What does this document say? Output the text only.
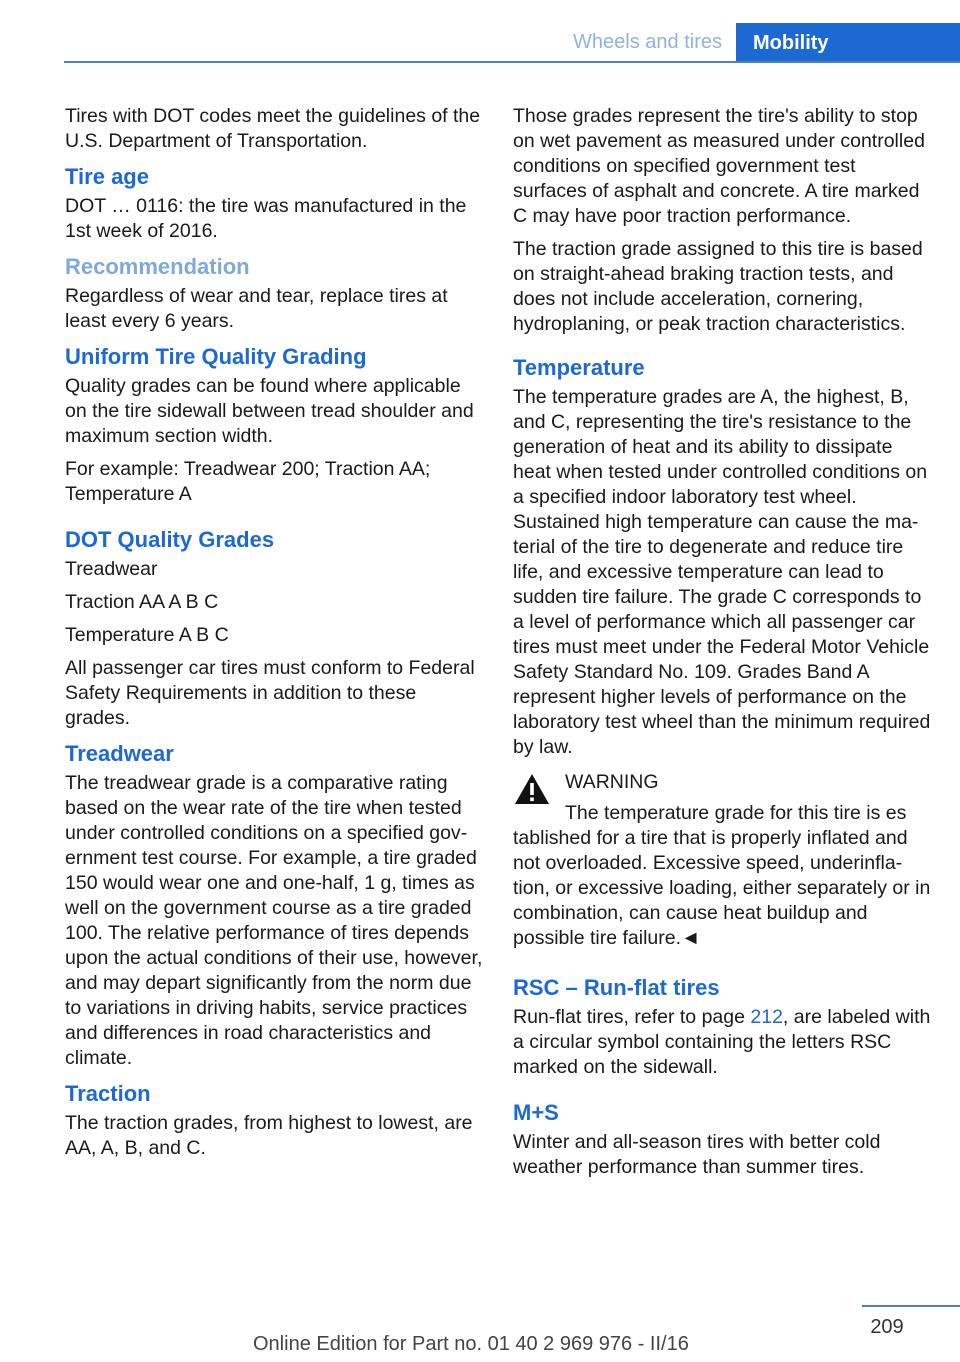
Wheels and tires	Mobility

Tires with DOT codes meet the guidelines of the U.S. Department of Transportation.

Tire age

DOT … 0116: the tire was manufactured in the 1st week of 2016.

Recommendation

Regardless of wear and tear, replace tires at least every 6 years.

Uniform Tire Quality Grading

Quality grades can be found where applicable on the tire sidewall between tread shoulder and maximum section width.

For example: Treadwear 200; Traction AA; Temperature A

DOT Quality Grades

Treadwear

Traction AA A B C

Temperature A B C

All passenger car tires must conform to Federal Safety Requirements in addition to these grades.

Treadwear

The treadwear grade is a comparative rating based on the wear rate of the tire when tested under controlled conditions on a specified government test course. For example, a tire graded 150 would wear one and one-half, 1 g, times as well on the government course as a tire graded 100. The relative performance of tires depends upon the actual conditions of their use, however, and may depart significantly from the norm due to variations in driving habits, service practices and differences in road characteristics and climate.

Traction

The traction grades, from highest to lowest, are AA, A, B, and C.

Those grades represent the tire's ability to stop on wet pavement as measured under controlled conditions on specified government test surfaces of asphalt and concrete. A tire marked C may have poor traction performance.

The traction grade assigned to this tire is based on straight-ahead braking traction tests, and does not include acceleration, cornering, hydroplaning, or peak traction characteristics.

Temperature

The temperature grades are A, the highest, B, and C, representing the tire's resistance to the generation of heat and its ability to dissipate heat when tested under controlled conditions on a specified indoor laboratory test wheel. Sustained high temperature can cause the material of the tire to degenerate and reduce tire life, and excessive temperature can lead to sudden tire failure. The grade C corresponds to a level of performance which all passenger car tires must meet under the Federal Motor Vehicle Safety Standard No. 109. Grades Band A represent higher levels of performance on the laboratory test wheel than the minimum required by law.

WARNING

The temperature grade for this tire is es

tablished for a tire that is properly inflated and not overloaded. Excessive speed, underinflation, or excessive loading, either separately or in combination, can cause heat buildup and possible tire failure.◄

RSC – Run-flat tires

Run-flat tires, refer to page 212, are labeled with a circular symbol containing the letters RSC marked on the sidewall.

M+S

Winter and all-season tires with better cold weather performance than summer tires.

209
Online Edition for Part no. 01 40 2 969 976 - II/16
